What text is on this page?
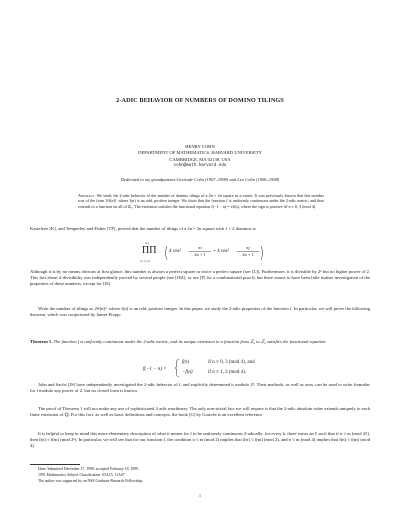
2-ADIC BEHAVIOR OF NUMBERS OF DOMINO TILINGS
HENRY COHN
DEPARTMENT OF MATHEMATICS, HARVARD UNIVERSITY
CAMBRIDGE, MA 02138, USA
cohn@math.harvard.edu
Dedicated to my grandparents Gertrude Cohn (1907–1998) and Leo Cohn (1906–1998)
Abstract. We study the 2-adic behavior of the number of domino tilings of a 2n × 2n square as n varies. It was previously known that this number was of the form 2ⁿf(n)², where f(n) is an odd, positive integer. We show that the function f is uniformly continuous under the 2-adic metric, and thus extends to a function on all of ℤ₂. The extension satisfies the functional equation f(−1 − n) = ±f(n), where the sign is positive iff n ≡ 0, 3 (mod 4).

Kasteleyn [K], and Temperley and Fisher [TF], proved that the number of tilings of a 2n × 2n square with 1 × 2 dominos is

n n
ΠΠ
i=1 j=1
4 cos²
πi
2n + 1
+ 4 cos²
πj
2n + 1

Although it is by no means obvious at first glance, this number is always a perfect square or twice a perfect square (see [L]). Furthermore, it is divisible by 2ⁿ but no higher power of 2. This fact about 2-divisibility was independently proved by several people (see [JSZ], or see [P] for a combinatorial proof), but there seems to have been little further investigation of the properties of these numbers, except for [JS].

Write the number of tilings as 2ⁿf(n)², where f(n) is an odd, positive integer. In this paper, we study the 2-adic properties of the function f. In particular, we will prove the following theorem, which was conjectured by James Propp:

Theorem 1. The function f is uniformly continuous under the 2-adic metric, and its unique extension to a function from ℤ₂ to ℤ₂ satisfies the functional equation
f(−1 − n) =
f(n)	if n ≡ 0, 3 (mod 4), and
−f(n)	if n ≡ 1, 2 (mod 4).

John and Sachs [JS] have independently investigated the 2-adic behavior of f, and explicitly determined it modulo 2⁵. Their methods, as well as ours, can be used to write formulas for f modulo any power of 2, but no closed form is known.

The proof of Theorem 1 will not make any use of sophisticated 2-adic machinery. The only non-trivial fact we will require is that the 2-adic absolute value extends uniquely to each finite extension of ℚ. For this fact, as well as basic definitions and concepts, the book [G] by Gouvêa is an excellent reference.

It is helpful to keep in mind this more elementary description of what it means for f to be uniformly continuous 2-adically: for every k, there exists an ℓ such that if n ≡ m (mod 2ℓ), then f(n) ≡ f(m) (mod 2ᵏ). In particular, we will see that for our function f, the condition n ≡ m (mod 2) implies that f(n) ≡ f(m) (mod 2), and n ≡ m (mod 4) implies that f(n) ≡ f(m) (mod 4).

Date: Submitted December 17, 1998; accepted February 18, 1999.
1991 Mathematics Subject Classification. 05A15, 11A07.
The author was supported by an NSF Graduate Research Fellowship.
1
